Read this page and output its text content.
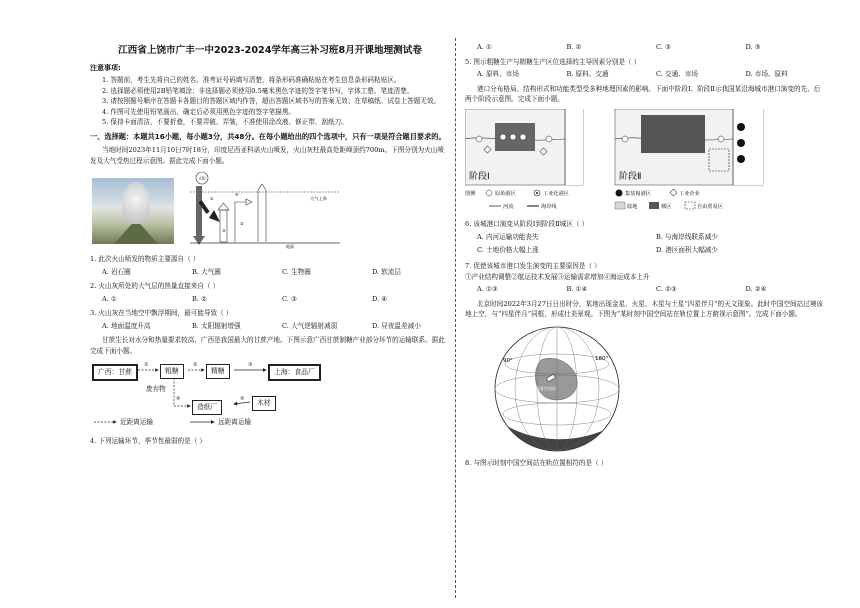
江西省上饶市广丰一中2023-2024学年高三补习班8月开课地理测试卷
注意事项:

1. 答题前，考生先将自己的姓名、准考证号码填写清楚，将条形码准确粘贴在考生信息条形码粘贴区。

2. 选择题必须使用2B铅笔填涂；非选择题必须使用0.5毫米黑色字迹的签字笔书写，字体工整、笔迹清楚。

3. 请按照题号顺序在答题卡各题目的答题区域内作答，超出答题区域书写的答案无效；在草稿纸、试卷上答题无效。

4. 作图可先使用铅笔画出，确定后必须用黑色字迹的签字笔描黑。

5. 保持卡面清洁，不要折叠，不要弄破、弄皱，不准使用涂改液、修正带、刮纸刀。

一、选择题：本题共16小题，每小题3分，共48分。在每小题给出的四个选项中，只有一项是符合题目要求的。

当地时间2023年11月10日7时18分，印度尼西亚科诺火山喷发，火山灰柱最高处距峰顶约700m。下图分别为火山喷发及大气受热过程示意图。据此完成下面小题。

太阳
大气上界
③
④
①
②
地面
1. 此次火山喷发的物质主要源自（ ）
A. 岩石圈	B. 大气圈	C. 生物圈	D. 软流层
2. 火山灰所处的大气层的热量直接来自（ ）
A. ①	B. ②	C. ③	D. ④
3. 火山灰在当地空中飘浮期间，最可能导致（ ）
A. 地面温度升高	B. 太阳辐射增强	C. 大气逆辐射减弱	D. 昼夜温差减小

甘蔗生长对水分和热量要求较高，广西是我国最大的甘蔗产地。下图示意广西甘蔗制糖产业部分环节的运输联系。据此完成下面小题。

广西：甘蔗	粗糖	精糖	上海：食品厂
造纸厂	木材
废弃物
近距离运输	远距离运输
①	②	③
④	⑤
4. 下列运输环节，季节性最弱的是（ ）
A. ①	B. ②	C. ③	D. ⑤
5. 图示粗糖生产与精糖生产区位选择的主导因素分别是（ ）
A. 原料、市场	B. 原料、交通	C. 交通、市场	D. 市场、原料

港口分布格局、结构形式和功能类型受多种地理因素的影响。下面中阶段Ⅰ、阶段Ⅱ示我国某沿海城市港口演变的先、后两个阶段示意图。完成下面小题。

阶段Ⅰ	阶段Ⅱ
图例	原始港区	工业化港区	集装箱港区	工业企业
河流	海岸线	陆地	城区	自由贸易区
6. 该城港口演变从阶段Ⅰ到阶段Ⅱ城区（ ）
A. 内河运输功能丧失	B. 与海岸线联系减少
C. 土地价格大幅上涨	D. 港区面积大幅减少
7. 促使该城市港口发生演变的主要原因是（ ）
①产业结构调整②航运技术发展③运输需求增加④海运成本上升
A. ①③	B. ①④	C. ②③	D. ②④

北京时间2022年3月27日日出时分，某地出现金星、火星、木星与土星“四星伴月”的天文现象。此时中国空间站过境该地上空，与“四星伴月”同框，形成壮美景观。下图为“某时刻中国空间站在轨位置上方俯视示意图”。完成下面小题。

90°	180°
中国空间站
8. 与图示时刻中国空间站在轨位置相符的是（ ）
